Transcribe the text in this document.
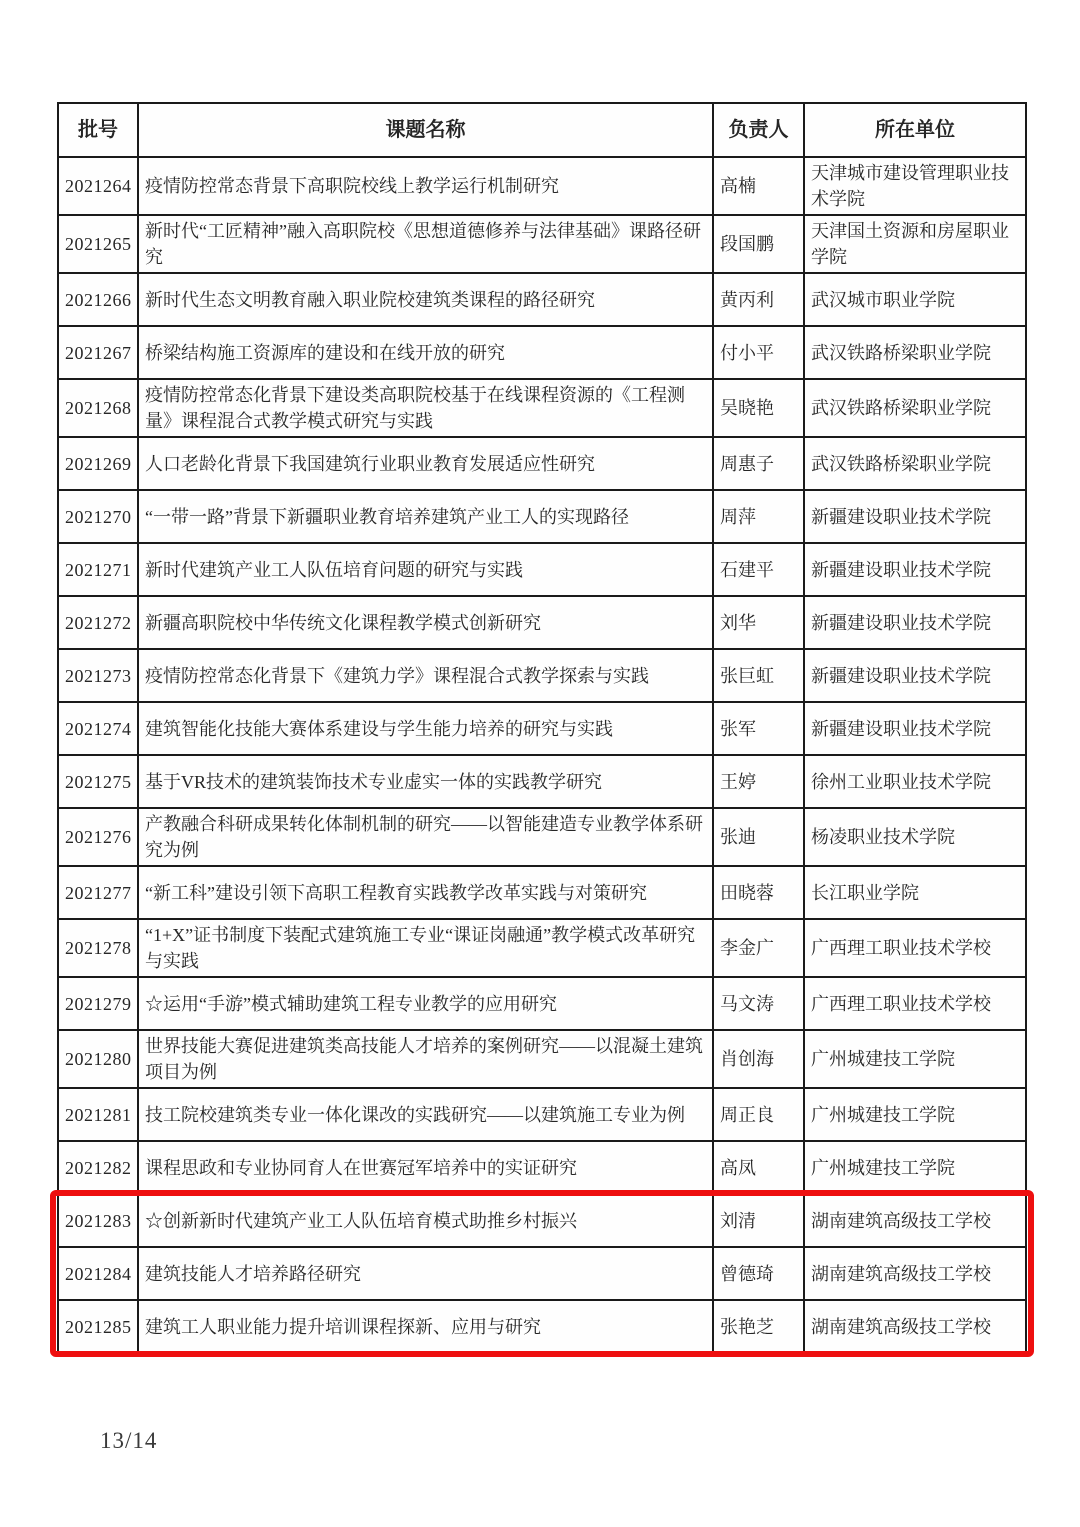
批号	课题名称	负责人	所在单位
2021264	疫情防控常态背景下高职院校线上教学运行机制研究	高楠	天津城市建设管理职业技术学院
2021265	新时代“工匠精神”融入高职院校《思想道德修养与法律基础》课路径研究	段国鹏	天津国土资源和房屋职业学院
2021266	新时代生态文明教育融入职业院校建筑类课程的路径研究	黄丙利	武汉城市职业学院
2021267	桥梁结构施工资源库的建设和在线开放的研究	付小平	武汉铁路桥梁职业学院
2021268	疫情防控常态化背景下建设类高职院校基于在线课程资源的《工程测量》课程混合式教学模式研究与实践	吴晓艳	武汉铁路桥梁职业学院
2021269	人口老龄化背景下我国建筑行业职业教育发展适应性研究	周惠子	武汉铁路桥梁职业学院
2021270	“一带一路”背景下新疆职业教育培养建筑产业工人的实现路径	周萍	新疆建设职业技术学院
2021271	新时代建筑产业工人队伍培育问题的研究与实践	石建平	新疆建设职业技术学院
2021272	新疆高职院校中华传统文化课程教学模式创新研究	刘华	新疆建设职业技术学院
2021273	疫情防控常态化背景下《建筑力学》课程混合式教学探索与实践	张巨虹	新疆建设职业技术学院
2021274	建筑智能化技能大赛体系建设与学生能力培养的研究与实践	张军	新疆建设职业技术学院
2021275	基于VR技术的建筑装饰技术专业虚实一体的实践教学研究	王婷	徐州工业职业技术学院
2021276	产教融合科研成果转化体制机制的研究——以智能建造专业教学体系研究为例	张迪	杨凌职业技术学院
2021277	“新工科”建设引领下高职工程教育实践教学改革实践与对策研究	田晓蓉	长江职业学院
2021278	“1+X”证书制度下装配式建筑施工专业“课证岗融通”教学模式改革研究与实践	李金广	广西理工职业技术学校
2021279	☆运用“手游”模式辅助建筑工程专业教学的应用研究	马文涛	广西理工职业技术学校
2021280	世界技能大赛促进建筑类高技能人才培养的案例研究——以混凝土建筑项目为例	肖创海	广州城建技工学院
2021281	技工院校建筑类专业一体化课改的实践研究——以建筑施工专业为例	周正良	广州城建技工学院
2021282	课程思政和专业协同育人在世赛冠军培养中的实证研究	高凤	广州城建技工学院
2021283	☆创新新时代建筑产业工人队伍培育模式助推乡村振兴	刘清	湖南建筑高级技工学校
2021284	建筑技能人才培养路径研究	曾德琦	湖南建筑高级技工学校
2021285	建筑工人职业能力提升培训课程探新、应用与研究	张艳芝	湖南建筑高级技工学校
13/14
